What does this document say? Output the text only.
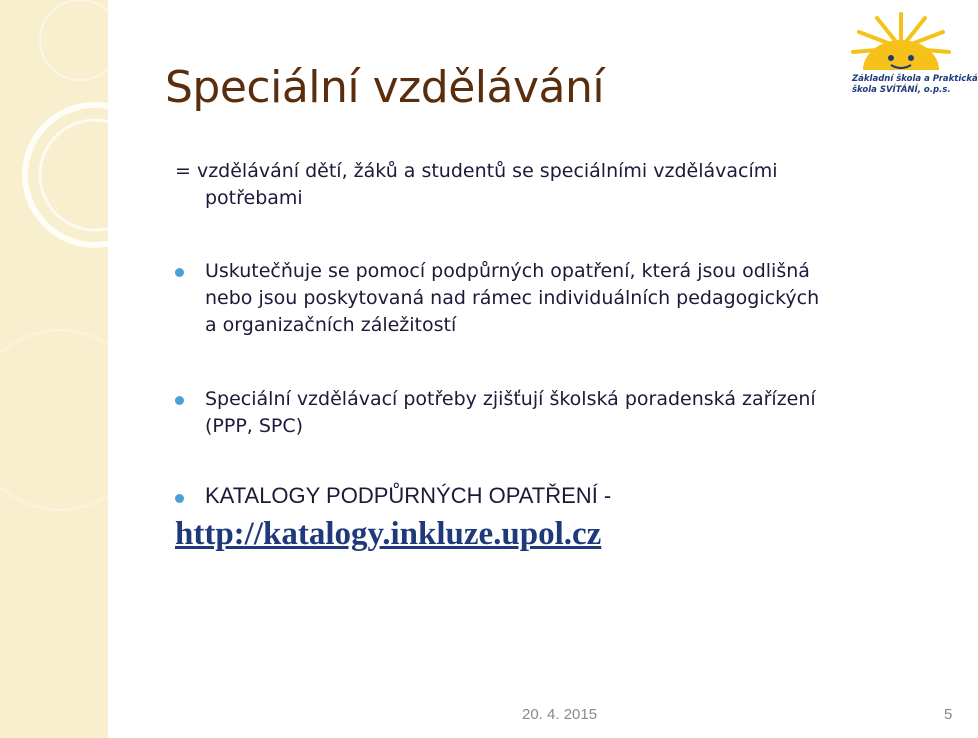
Speciální vzdělávání	Základní škola a Praktická
škola SVÍTÁNÍ, o.p.s.
= vzdělávání dětí, žáků a studentů se speciálními vzdělávacími
potřebami
Uskutečňuje se pomocí podpůrných opatření, která jsou odlišná
nebo jsou poskytovaná nad rámec individuálních pedagogických
a organizačních záležitostí
Speciální vzdělávací potřeby zjišťují školská poradenská zařízení
(PPP, SPC)
KATALOGY PODPŮRNÝCH OPATŘENÍ -
http://katalogy.inkluze.upol.cz
20. 4. 2015	5
